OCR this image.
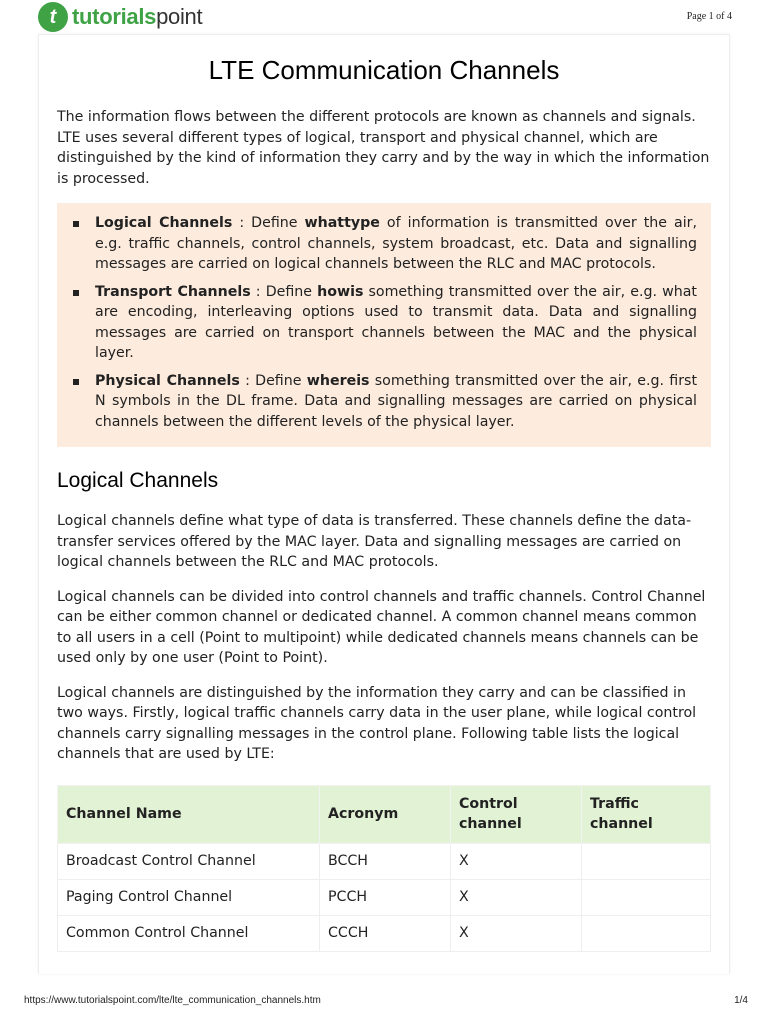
t tutorialspoint	Page 1 of 4
LTE Communication Channels

The information flows between the different protocols are known as channels and signals. LTE uses several different types of logical, transport and physical channel, which are distinguished by the kind of information they carry and by the way in which the information is processed.

Logical Channels : Define whattype of information is transmitted over the air, e.g. traffic channels, control channels, system broadcast, etc. Data and signalling messages are carried on logical channels between the RLC and MAC protocols.
Transport Channels : Define howis something transmitted over the air, e.g. what are encoding, interleaving options used to transmit data. Data and signalling messages are carried on transport channels between the MAC and the physical layer.
Physical Channels : Define whereis something transmitted over the air, e.g. first N symbols in the DL frame. Data and signalling messages are carried on physical channels between the different levels of the physical layer.
Logical Channels

Logical channels define what type of data is transferred. These channels define the data-transfer services offered by the MAC layer. Data and signalling messages are carried on logical channels between the RLC and MAC protocols.

Logical channels can be divided into control channels and traffic channels. Control Channel can be either common channel or dedicated channel. A common channel means common to all users in a cell (Point to multipoint) while dedicated channels means channels can be used only by one user (Point to Point).

Logical channels are distinguished by the information they carry and can be classified in two ways. Firstly, logical traffic channels carry data in the user plane, while logical control channels carry signalling messages in the control plane. Following table lists the logical channels that are used by LTE:

Channel Name	Acronym	Control channel	Traffic channel
Broadcast Control Channel	BCCH	X	
Paging Control Channel	PCCH	X	
Common Control Channel	CCCH	X	
https://www.tutorialspoint.com/lte/lte_communication_channels.htm	1/4
